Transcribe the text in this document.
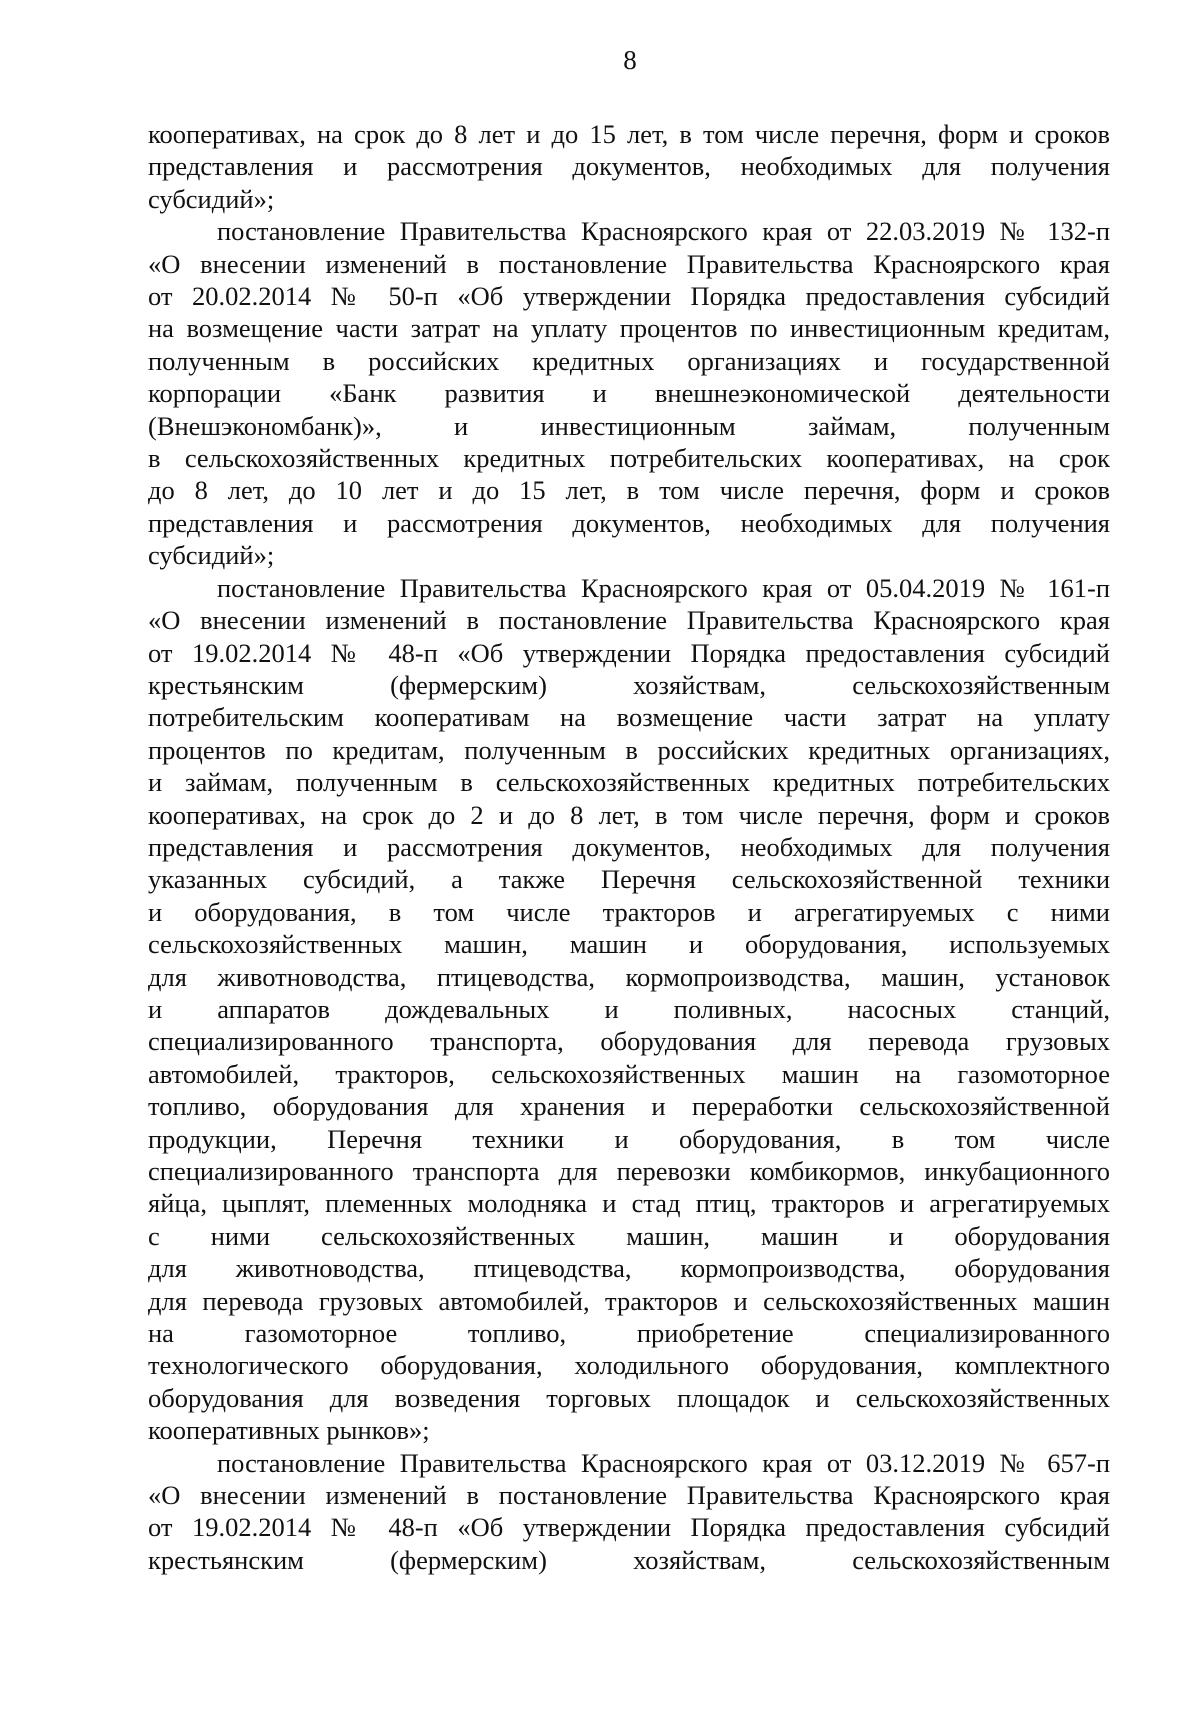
8

кооперативах, на срок до 8 лет и до 15 лет, в том числе перечня, форм и сроков
представления и рассмотрения документов, необходимых для получения
субсидий»;

постановление Правительства Красноярского края от 22.03.2019 № 132-п
«О внесении изменений в постановление Правительства Красноярского края
от 20.02.2014 № 50-п «Об утверждении Порядка предоставления субсидий
на возмещение части затрат на уплату процентов по инвестиционным кредитам,
полученным в российских кредитных организациях и государственной
корпорации «Банк развития и внешнеэкономической деятельности
(Внешэкономбанк)», и инвестиционным займам, полученным
в сельскохозяйственных кредитных потребительских кооперативах, на срок
до 8 лет, до 10 лет и до 15 лет, в том числе перечня, форм и сроков
представления и рассмотрения документов, необходимых для получения
субсидий»;

постановление Правительства Красноярского края от 05.04.2019 № 161-п
«О внесении изменений в постановление Правительства Красноярского края
от 19.02.2014 № 48-п «Об утверждении Порядка предоставления субсидий
крестьянским (фермерским) хозяйствам, сельскохозяйственным
потребительским кооперативам на возмещение части затрат на уплату
процентов по кредитам, полученным в российских кредитных организациях,
и займам, полученным в сельскохозяйственных кредитных потребительских
кооперативах, на срок до 2 и до 8 лет, в том числе перечня, форм и сроков
представления и рассмотрения документов, необходимых для получения
указанных субсидий, а также Перечня сельскохозяйственной техники
и оборудования, в том числе тракторов и агрегатируемых с ними
сельскохозяйственных машин, машин и оборудования, используемых
для животноводства, птицеводства, кормопроизводства, машин, установок
и аппаратов дождевальных и поливных, насосных станций,
специализированного транспорта, оборудования для перевода грузовых
автомобилей, тракторов, сельскохозяйственных машин на газомоторное
топливо, оборудования для хранения и переработки сельскохозяйственной
продукции, Перечня техники и оборудования, в том числе
специализированного транспорта для перевозки комбикормов, инкубационного
яйца, цыплят, племенных молодняка и стад птиц, тракторов и агрегатируемых
с ними сельскохозяйственных машин, машин и оборудования
для животноводства, птицеводства, кормопроизводства, оборудования
для перевода грузовых автомобилей, тракторов и сельскохозяйственных машин
на газомоторное топливо, приобретение специализированного
технологического оборудования, холодильного оборудования, комплектного
оборудования для возведения торговых площадок и сельскохозяйственных
кооперативных рынков»;

постановление Правительства Красноярского края от 03.12.2019 № 657-п
«О внесении изменений в постановление Правительства Красноярского края
от 19.02.2014 № 48-п «Об утверждении Порядка предоставления субсидий
крестьянским (фермерским) хозяйствам, сельскохозяйственным
